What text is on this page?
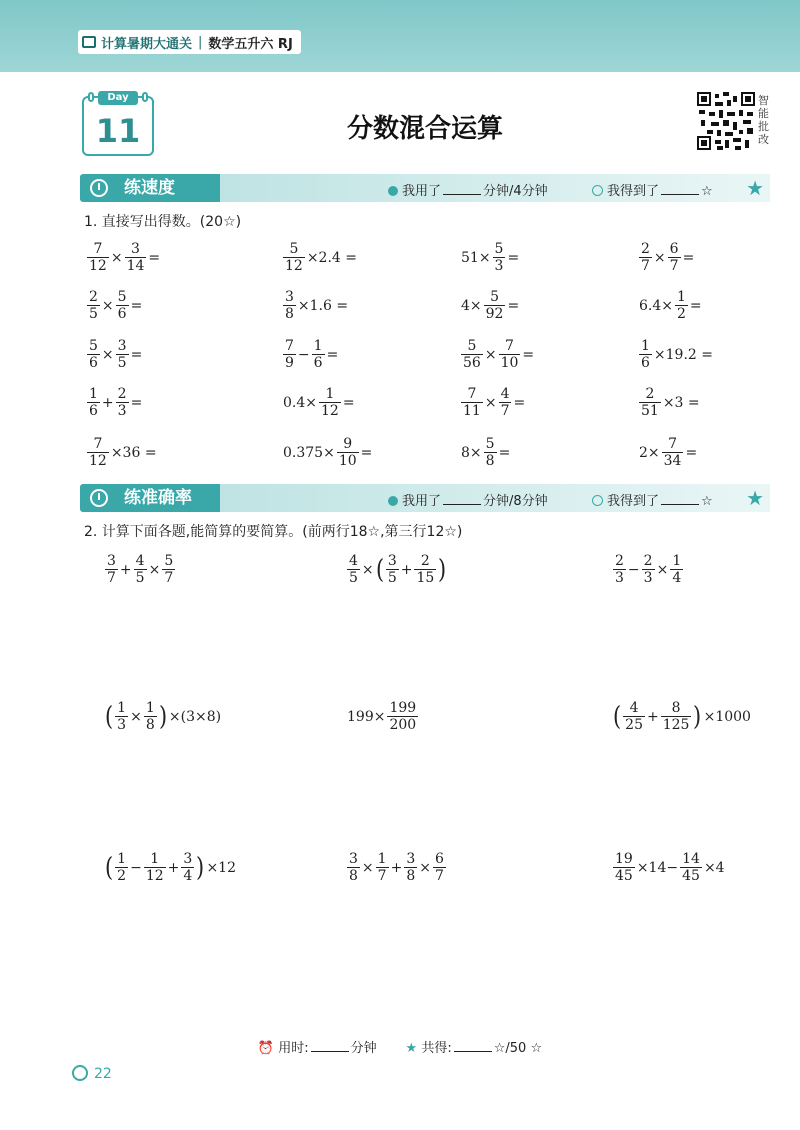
计算暑期大通关 | 数学五升六 RJ
Day
11	分数混合运算
智能批改
练速度	我用了	分钟/4分钟	我得到了	☆ ★
1. 直接写出得数。(20☆)
$\frac{7}{12} \times \frac{3}{14}$ =	$\frac{5}{12} \times 2.4$ =	$51\times \frac{5}{3}$ =	$\frac{2}{7} \times \frac{6}{7}$ =
$\frac{2}{5} \times \frac{5}{6}$ =	$\frac{3}{8} \times 1.6$ =	$4\times \frac{5}{92}$ =	$6.4\times \frac{1}{2}$ =
$\frac{5}{6} \times \frac{3}{5}$ =	$\frac{7}{9} - \frac{1}{6}$ =	$\frac{5}{56} \times \frac{7}{10}$ =	$\frac{1}{6} \times 19.2$ =
$\frac{1}{6} + \frac{2}{3}$ =	$0.4\times \frac{1}{12}$ =	$\frac{7}{11} \times \frac{4}{7}$ =	$\frac{2}{51} \times 3$ =
$\frac{7}{12} \times 36$ =	$0.375\times \frac{9}{10}$ =	$8\times \frac{5}{8}$ =	$2\times \frac{7}{34}$ =
练准确率	我用了	分钟/8分钟	我得到了	☆ ★
2. 计算下面各题,能简算的要简算。(前两行18☆,第三行12☆)
$\frac{3}{7} + \frac{4}{5} \times \frac{5}{7}$	$\frac{4}{5}$ × ( $\frac{3}{5} + \frac{2}{15}$ )	$\frac{2}{3} - \frac{2}{3} \times \frac{1}{4}$
( $\frac{1}{3} \times \frac{1}{8}$ ) ×(3×8)	$199\times \frac{199}{200}$	( $\frac{4}{25} + \frac{8}{125}$ ) ×1000
( $\frac{1}{2} - \frac{1}{12} + \frac{3}{4}$ ) ×12	$\frac{3}{8} \times \frac{1}{7} + \frac{3}{8} \times \frac{6}{7}$	$\frac{19}{45} \times 14- \frac{14}{45} \times 4$
⏰ 用时:	分钟 ★ 共得:	☆/50 ☆
22
